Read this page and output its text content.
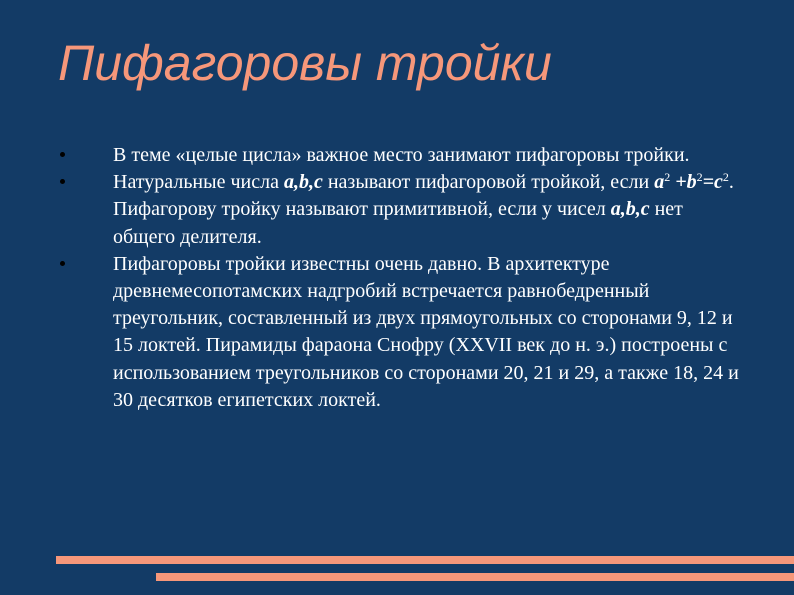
Пифагоровы тройки
В теме «целые цисла» важное место занимают пифагоровы тройки.
Натуральные числа a,b,c называют пифагоровой тройкой, если $a^2 +b^2=c^2$. Пифагорову тройку называют примитивной, если у чисел a,b,c нет общего делителя.
Пифагоровы тройки известны очень давно. В архитектуре древнемесопотамских надгробий встречается равнобедренный треугольник, составленный из двух прямоугольных со сторонами 9, 12 и 15 локтей. Пирамиды фараона Снофру (XXVII век до н. э.) построены с использованием треугольников со сторонами 20, 21 и 29, а также 18, 24 и 30 десятков египетских локтей.
